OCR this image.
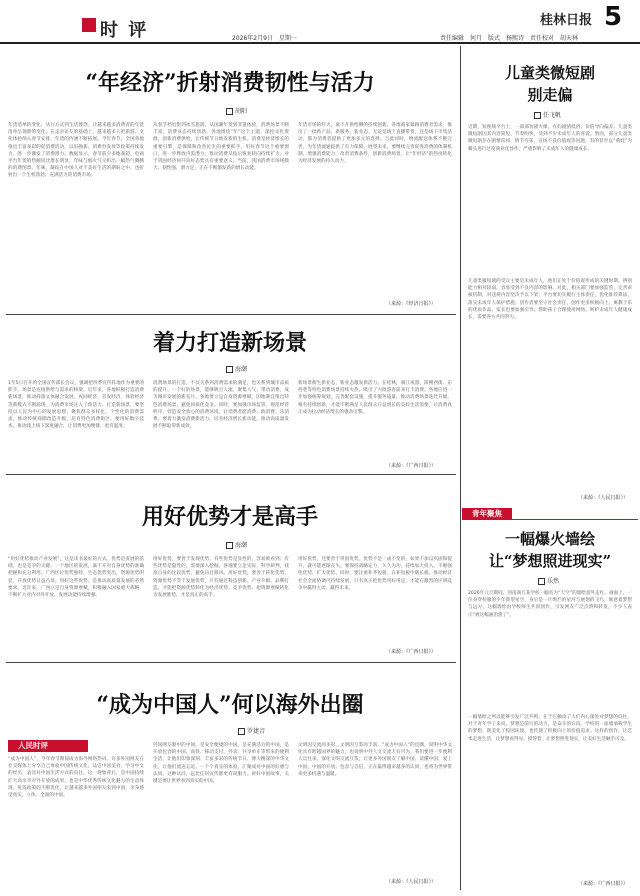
时 评	2026年2月9日　星期一
桂林日报 5
责任编辑　何月　版式　杨熙诗　责任校对　胡天林
“年经济”折射消费韧性与活力
胡阳
年货清单的变化，从行方式到生活理念，让越来越多消费者的年货清单呈现新的变化。在走亲访友的基础上，越来越多人把旅游、文化体验纳入春节安排，年货的内涵不断拓展。今年春节，全国各地推出丰富多彩的促消费活动，以旧换新、消费券发放等政策持续发力，进一步激发了消费潜力。数据显示，春节前夕多地商超、电商平台年货销售额同比增长明显，年味与烟火气交织出一幅热气腾腾的消费图景。年味，凝结在中国人对于美好生活的期盼之中，也折射出一个生机勃勃、充满活力的消费市场。
从春节档电影到冰雪旅游，从国潮年货到非遗体验，消费场景不断丰富，消费业态持续创新。各地围绕“年”这个主题，深挖文化资源，创新消费供给，让传统节日焕发新的生机。消费是经济增长的重要引擎，是保障和改善民生的重要抓手。用好春节这个重要窗口，进一步释放内需潜力，推动消费从疫后恢复转向持续扩大，对于巩固经济回升向好态势具有重要意义。当前，我国消费市场规模大、韧性强、潜力足，正在不断激发新的增长动能。
年货市场的红火，离不开供给侧的持续创新。各地商家紧跟消费者需求，推出了一批新产品、新服务、新业态。无论是线上直播带货，还是线下市集活动，都为消费者提供了更加多元的选择。与此同时，物流配送体系不断完善，为年货流通提供了有力保障。展望未来，要继续完善促进消费的体制机制，增强消费能力，改善消费条件，创新消费场景，让“年经济”的热度转化为经济发展的持久动力。
（来源：《经济日报》）
着力打造新场景
海潮
1至5日召开的全国宣传部长会议，强调把四季宣传阵地作为重要的抓手。场景是连接供给与需求的桥梁。近年来，各地积极打造消费新场景，推动商旅文体融合发展，夜间经济、首发经济、体验经济等新模式不断涌现，为消费市场注入了新活力。打造新场景，要坚持以人民为中心的发展思想，聚焦群众多样化、个性化的消费需求，推动传统商圈改造升级，培育特色消费街区。要用好数字技术，推动线上线下深度融合，让消费更加便捷、更有温度。
消费场景的打造，不仅关系到消费需求的满足，也关系到城市品质的提升。一个好的场景，能够吸引人流、聚集人气、带动消费，成为城市发展的新名片。各地要立足自身资源禀赋，因地制宜推出特色消费场景，避免同质化竞争。同时，要加强市场监管，规范经营秩序，营造安全放心的消费环境，让消费者愿消费、敢消费、乐消费。要着力激发消费新活力，培育经济增长新动能，推动高质量发展不断取得新成效。
新场景催生新业态，新业态激发新活力。在桂林，漓江夜游、阳朔西街、东西巷等特色消费场景持续火热，吸引了大批游客前来打卡消费。各地应进一步加强统筹规划，完善配套设施，提升服务质量，推动消费场景迭代升级。唯有持续创新，才能不断满足人民群众日益增长的美好生活需要，让消费真正成为拉动经济增长的强劲引擎。
（来源：《广西日报》）
用好优势才是高手
海潮
“用好优势推动产业发展”，这是读书最好的方式。优势是发展的基础，也是竞争的关键。一个地区的发展，离不开对自身优势的准确把握和充分利用。广西区位优势独特，生态优势突出，资源优势明显，开放优势日益凸显。用好这些优势，是推动高质量发展的必然要求。近年来，广西立足自身资源禀赋，积极融入国家重大战略，不断扩大对内对外开放，发展动能持续增强。
用好优势，要善于发现优势。有些优势是显性的，容易被看到；有些优势是隐性的，需要深入挖掘。各地要立足实际，科学研判，找准自身的比较优势，避免盲目跟风。用好优势，要善于转化优势。资源优势不等于发展优势，只有通过科技创新、产业升级、品牌打造，才能把资源优势转化为经济优势、竞争优势。把资源禀赋转化为发展胜势，才是真正的高手。
用好优势，还要善于巩固优势。优势不是一成不变的，如果不加以巩固和提升，就可能逐渐丧失。要保持战略定力，久久为功，持续加大投入，不断强化优势、扩大优势。同时，要注重补齐短板，在补短板中锻长板，推动经济社会全面协调可持续发展。只有真正把优势用好用足，才能在激烈的区域竞争中赢得主动、赢得未来。
（来源：《广西日报》）
“成为中国人”何以海外出圈
罗捷音
人民时评
“成为中国人”，今年春节期间成为海外网络热词。许多外国网友在社交媒体上分享自己体验中国传统文化、品尝中国美食、学习中文的经历，表达对中国生活方式的向往。这一现象背后，是中国持续扩大高水平对外开放的成果，也是中华优秀传统文化魅力的生动体现。免签政策的不断优化，让越来越多外国朋友来到中国，亲身感受真实、立体、全面的中国。
外国网友眼中的中国，是安全便捷的中国，是充满活力的中国，是开放包容的中国。高铁、移动支付、外卖、共享单车等带来的便利生活，让他们印象深刻；丰富多彩的传统节日、博大精深的中华文化，让他们流连忘返。一个个真实的体验，汇聚成对中国的好感与认同。这种认同，远比任何宣传都更有说服力。讲好中国故事，关键是要让世界看到真实的中国。
文明因交流而多彩，文明因互鉴而丰富。“成为中国人”的出圈，说明中华文化具有跨越国界的魅力，也说明中外人文交流大有可为。我们要进一步便利人员往来，深化文明交流互鉴，让更多外国朋友了解中国、读懂中国、爱上中国。中国的开放、包容与自信，正在赢得越来越多的认同，也将为世界带来更多机遇与温暖。
（来源：《人民日报》）
儿童类微短剧
别走偏
任飞帆
近期，短视频平台上，一部部短剧火爆，有的剧情低俗、价值导向偏差。儿童类微短剧因其内容简短、节奏明快，受到不少未成年人的喜爱。然而，部分儿童类微短剧存在剧情雷同、情节夸张、宣扬不良价值观等问题，有的甚至以“萌娃”为噱头进行过度商业化炒作，严重影响了未成年人的健康成长。
儿童类微短剧的受众主要是未成年人，他们正处于价值观形成的关键时期，辨别能力相对较弱，容易受到不良内容的影响。对此，相关部门要加强监管，完善审核机制，对违规内容坚决予以下架；平台要切实履行主体责任，优化推荐算法，落实未成年人保护措施；创作者要坚守社会责任，创作更多积极向上、寓教于乐的优质作品。家长也要加强引导，帮助孩子合理使用网络。呵护未成年人健康成长，需要各方共同努力。
（来源：《人民日报》）
青年聚焦
一幅爆火墙绘
让“梦想照进现实”
乐然
2026年元旦期间，河南商丘某学校一幅名为“天空”的墙绘意外走红。画面上，一位身穿校服的少年仰望星空，身后是一片绚烂的星河与展翅的飞鸟，寓意着梦想与远方。这幅墙绘由学校师生共同创作，引发网友广泛点赞和转发，不少人表示“被这幅画治愈了”。
一幅墙绘之所以能够引发广泛共鸣，在于它触动了人们内心深处对梦想的向往。对于青年学子来说，梦想是前行的动力，是奋斗的方向。学校用一面墙承载学生的梦想，既美化了校园环境，也传递了积极向上的价值追求。这样的创作，让艺术走进生活，让梦想看得见、摸得着，让梦想照进现实，让美好生活触手可及。
（来源：《广西日报》）
